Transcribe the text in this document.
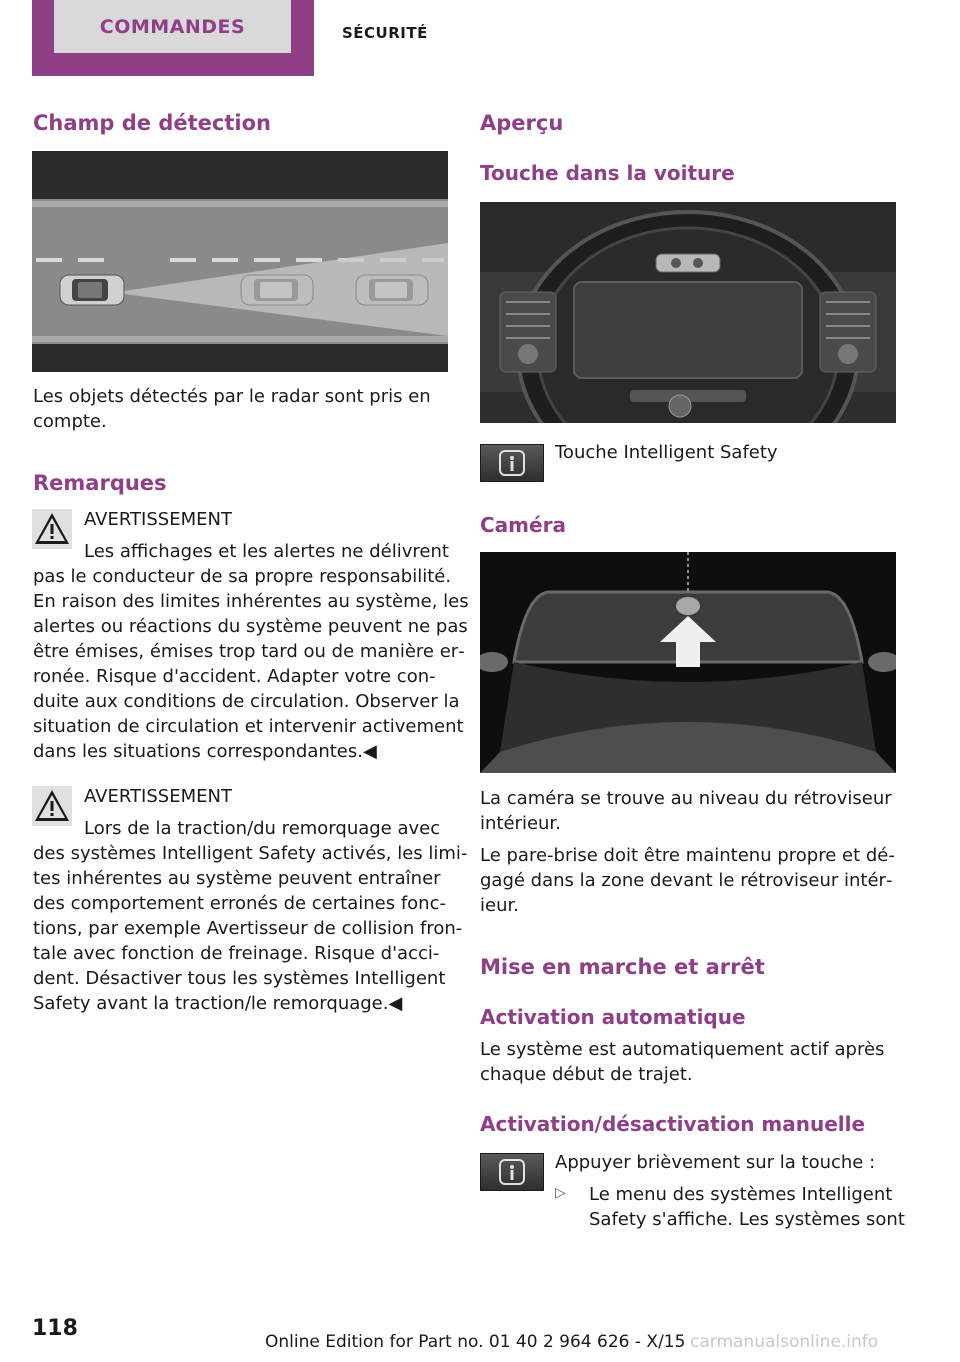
COMMANDES	SÉCURITÉ
Champ de détection

Les objets détectés par le radar sont pris en

compte.

Remarques

AVERTISSEMENT

Les affichages et les alertes ne délivrent

pas le conducteur de sa propre responsabilité.

En raison des limites inhérentes au système, les

alertes ou réactions du système peuvent ne pas

être émises, émises trop tard ou de manière er‐

ronée. Risque d'accident. Adapter votre con‐

duite aux conditions de circulation. Observer la

situation de circulation et intervenir activement

dans les situations correspondantes.◀

AVERTISSEMENT

Lors de la traction/du remorquage avec

des systèmes Intelligent Safety activés, les limi‐

tes inhérentes au système peuvent entraîner

des comportement erronés de certaines fonc‐

tions, par exemple Avertisseur de collision fron‐

tale avec fonction de freinage. Risque d'acci‐

dent. Désactiver tous les systèmes Intelligent

Safety avant la traction/le remorquage.◀

Aperçu
Touche dans la voiture

Touche Intelligent Safety

Caméra

La caméra se trouve au niveau du rétroviseur

intérieur.

Le pare-brise doit être maintenu propre et dé‐

gagé dans la zone devant le rétroviseur intér‐

ieur.

Mise en marche et arrêt
Activation automatique

Le système est automatiquement actif après

chaque début de trajet.

Activation/désactivation manuelle

Appuyer brièvement sur la touche :

▷ Le menu des systèmes Intelligent

Safety s'affiche. Les systèmes sont

118
Online Edition for Part no. 01 40 2 964 626 - X/15 carmanualsonline.info
